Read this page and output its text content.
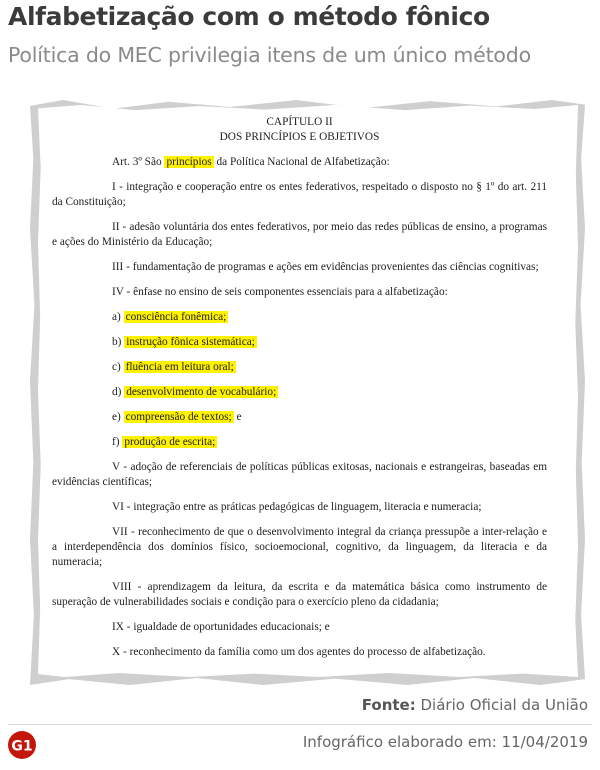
Alfabetização com o método fônico
Política do MEC privilegia itens de um único método

CAPÍTULO II

DOS PRINCÍPIOS E OBJETIVOS

Art. 3º São princípios da Política Nacional de Alfabetização:

I - integração e cooperação entre os entes federativos, respeitado o disposto no § 1º do art. 211 da Constituição;

II - adesão voluntária dos entes federativos, por meio das redes públicas de ensino, a programas e ações do Ministério da Educação;

III - fundamentação de programas e ações em evidências provenientes das ciências cognitivas;

IV - ênfase no ensino de seis componentes essenciais para a alfabetização:

a) consciência fonêmica;

b) instrução fônica sistemática;

c) fluência em leitura oral;

d) desenvolvimento de vocabulário;

e) compreensão de textos; e

f) produção de escrita;

V - adoção de referenciais de políticas públicas exitosas, nacionais e estrangeiras, baseadas em evidências científicas;

VI - integração entre as práticas pedagógicas de linguagem, literacia e numeracia;

VII - reconhecimento de que o desenvolvimento integral da criança pressupõe a inter-relação e a interdependência dos domínios físico, socioemocional, cognitivo, da linguagem, da literacia e da numeracia;

VIII - aprendizagem da leitura, da escrita e da matemática básica como instrumento de superação de vulnerabilidades sociais e condição para o exercício pleno da cidadania;

IX - igualdade de oportunidades educacionais; e

X - reconhecimento da família como um dos agentes do processo de alfabetização.

Fonte: Diário Oficial da União
G1	Infográfico elaborado em: 11/04/2019
